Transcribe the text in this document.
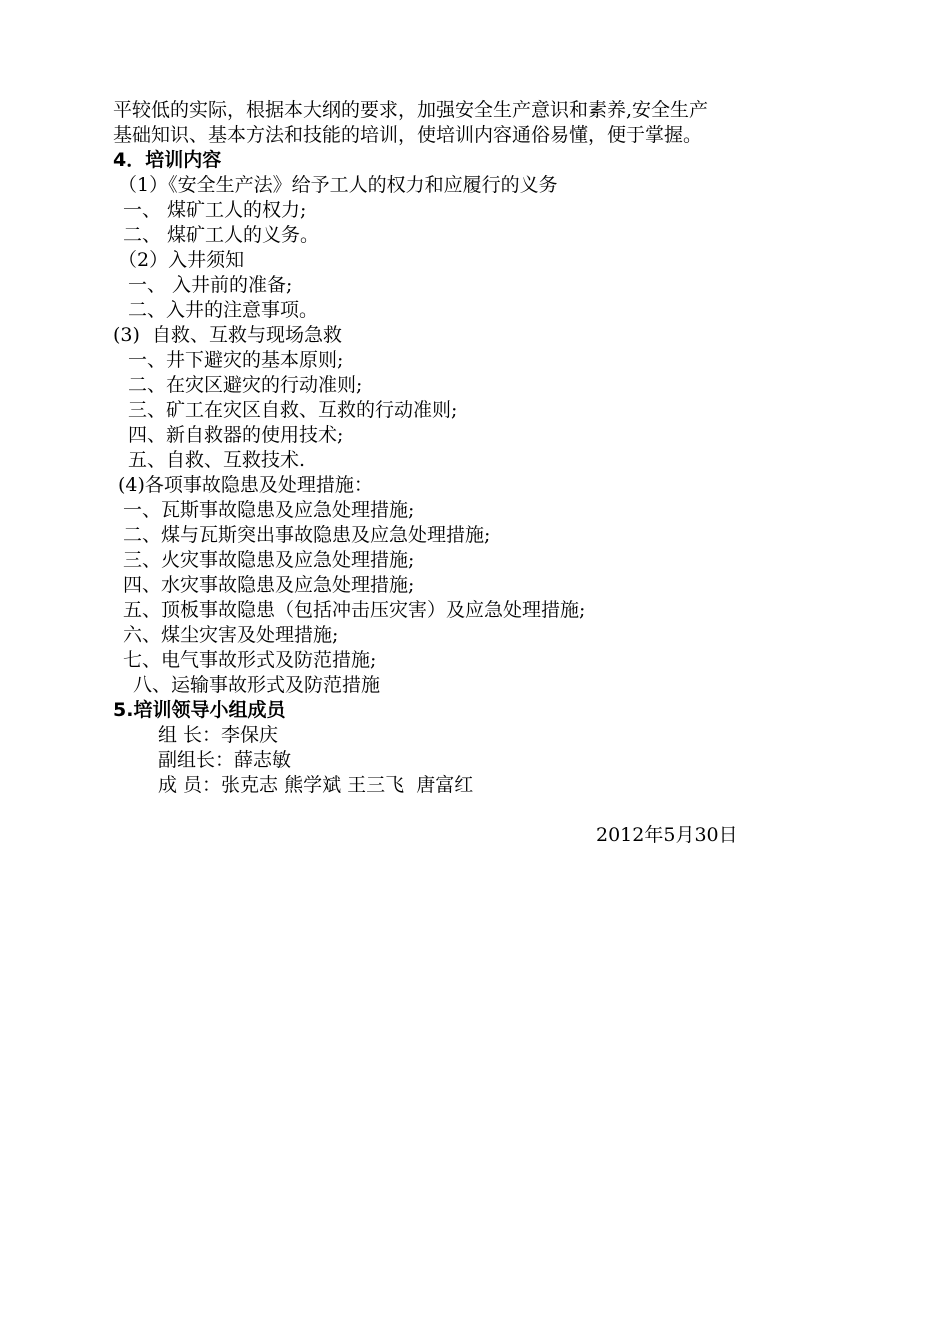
平较低的实际，根据本大纲的要求，加强安全生产意识和素养,安全生产
基础知识、基本方法和技能的培训，使培训内容通俗易懂，便于掌握。
4．培训内容
（1）《安全生产法》给予工人的权力和应履行的义务
一、 煤矿工人的权力;
二、 煤矿工人的义务。
（2）入井须知
一、 入井前的准备;
二、入井的注意事项。
(3)  自救、互救与现场急救
一、井下避灾的基本原则;
二、在灾区避灾的行动准则;
三、矿工在灾区自救、互救的行动准则;
四、新自救器的使用技术;
五、自救、互救技术.
(4)各项事故隐患及处理措施：
一、瓦斯事故隐患及应急处理措施;
二、煤与瓦斯突出事故隐患及应急处理措施;
三、火灾事故隐患及应急处理措施;
四、水灾事故隐患及应急处理措施;
五、顶板事故隐患（包括冲击压灾害）及应急处理措施;
六、煤尘灾害及处理措施;
七、电气事故形式及防范措施;
八、运输事故形式及防范措施
5.培训领导小组成员
组 长：李保庆
副组长：薛志敏
成 员：张克志 熊学斌 王三飞  唐富红
2012年5月30日
